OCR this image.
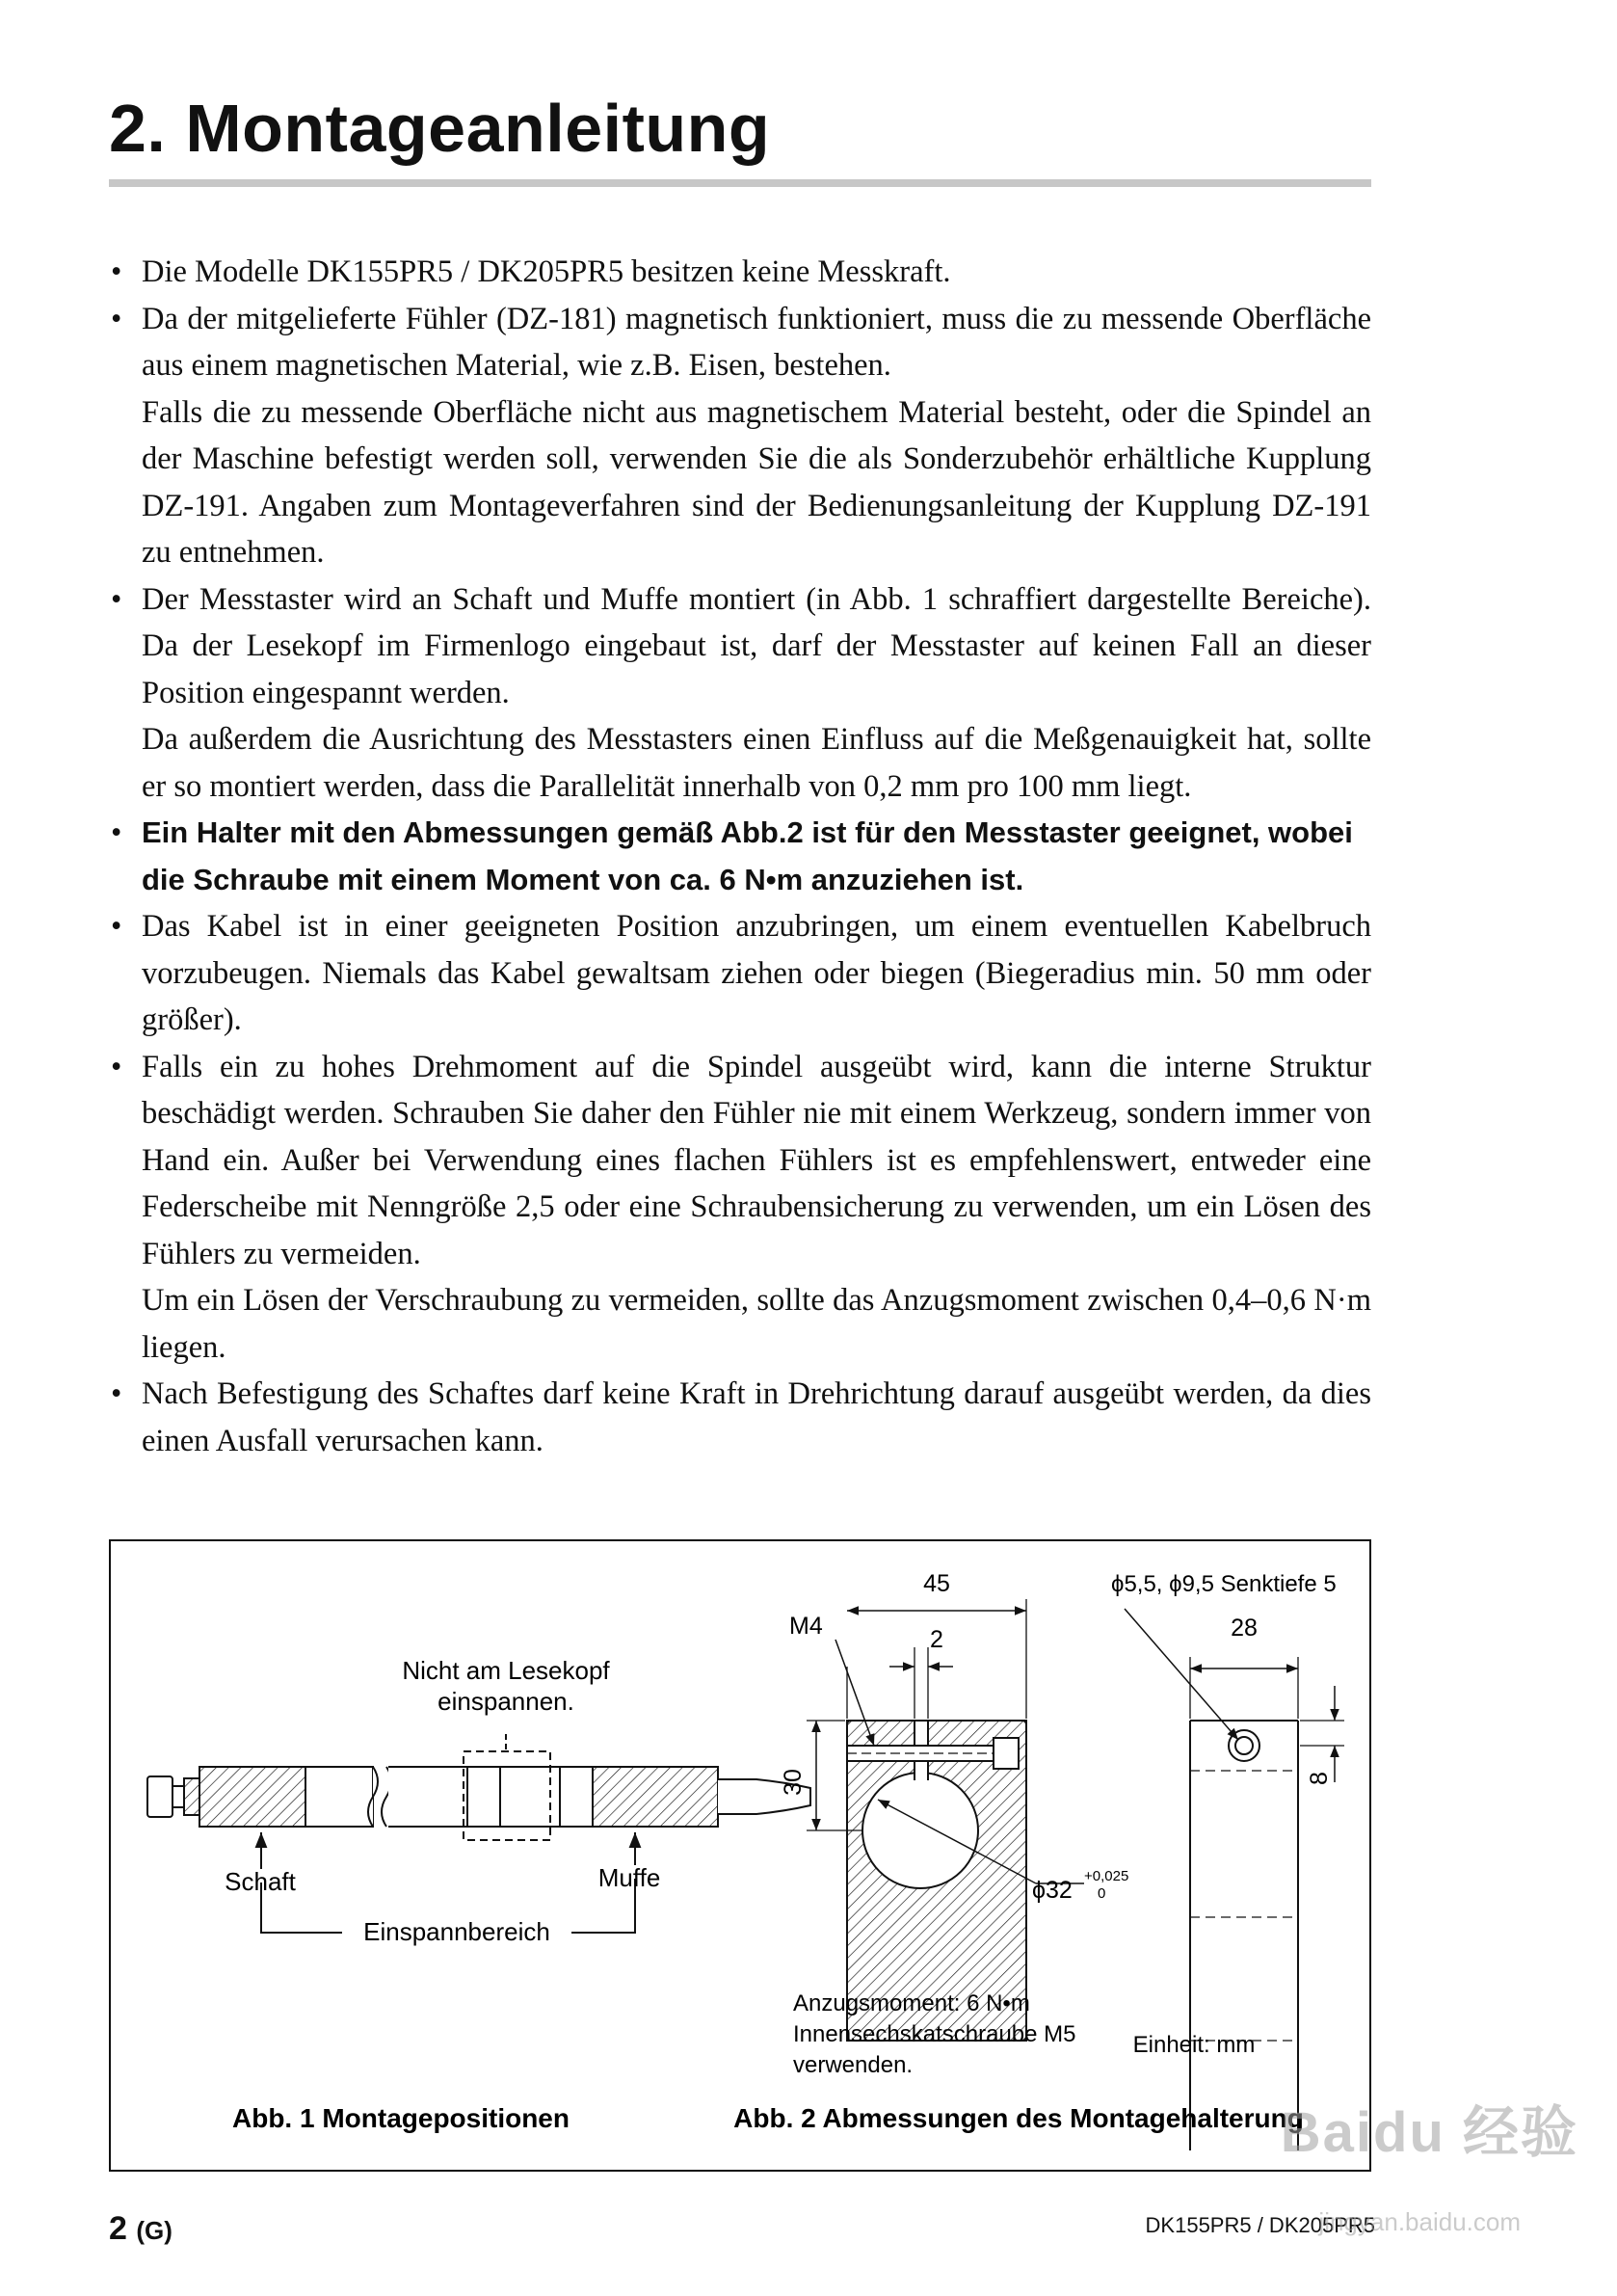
2. Montageanleitung
• Die Modelle DK155PR5 / DK205PR5 besitzen keine Messkraft.

• Da der mitgelieferte Fühler (DZ-181) magnetisch funktioniert, muss die zu messende Oberfläche aus einem magnetischen Material, wie z.B. Eisen, bestehen.

Falls die zu messende Oberfläche nicht aus magnetischem Material besteht, oder die Spindel an der Maschine befestigt werden soll, verwenden Sie die als Sonderzubehör erhältliche Kupplung DZ-191. Angaben zum Montageverfahren sind der Bedienungsanleitung der Kupplung DZ-191 zu entnehmen.

• Der Messtaster wird an Schaft und Muffe montiert (in Abb. 1 schraffiert dargestellte Bereiche). Da der Lesekopf im Firmenlogo eingebaut ist, darf der Messtaster auf keinen Fall an dieser Position eingespannt werden.

Da außerdem die Ausrichtung des Messtasters einen Einfluss auf die Meßgenauigkeit hat, sollte er so montiert werden, dass die Parallelität innerhalb von 0,2 mm pro 100 mm liegt.

• Ein Halter mit den Abmessungen gemäß Abb.2 ist für den Messtaster geeignet, wobei die Schraube mit einem Moment von ca. 6 N•m anzuziehen ist.

• Das Kabel ist in einer geeigneten Position anzubringen, um einem eventuellen Kabelbruch vorzubeugen. Niemals das Kabel gewaltsam ziehen oder biegen (Biegeradius min. 50 mm oder größer).

• Falls ein zu hohes Drehmoment auf die Spindel ausgeübt wird, kann die interne Struktur beschädigt werden. Schrauben Sie daher den Fühler nie mit einem Werkzeug, sondern immer von Hand ein. Außer bei Verwendung eines flachen Fühlers ist es empfehlenswert, entweder eine Federscheibe mit Nenngröße 2,5 oder eine Schraubensicherung zu verwenden, um ein Lösen des Fühlers zu vermeiden.

Um ein Lösen der Verschraubung zu vermeiden, sollte das Anzugsmoment zwischen 0,4–0,6 N·m liegen.

• Nach Befestigung des Schaftes darf keine Kraft in Drehrichtung darauf ausgeübt werden, da dies einen Ausfall verursachen kann.

Nicht am Lesekopf
einspannen.
Schaft	Muffe
Einspannbereich
Abb. 1 Montagepositionen
45
2
M4
30
ϕ32
+0,025
0
ϕ5,5, ϕ9,5 Senktiefe 5
28
8
Anzugsmoment: 6 N•m
Innensechskatschraube M5
verwenden.
Einheit: mm
Abb. 2 Abmessungen des Montagehalterung
2 (G)	DK155PR5 / DK205PR5
Baidu 经验
jingyan.baidu.com
